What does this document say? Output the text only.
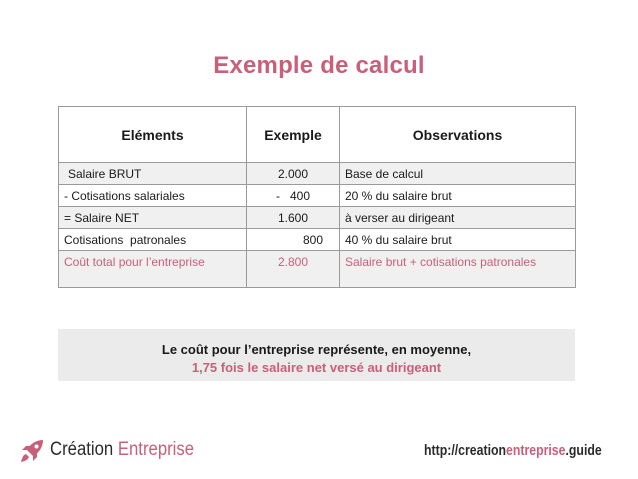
Exemple de calcul
Eléments	Exemple	Observations
Salaire BRUT	2.000	Base de calcul
- Cotisations salariales	-   400	20 % du salaire brut
= Salaire NET	1.600	à verser au dirigeant
Cotisations  patronales	800	40 % du salaire brut
Coût total pour l’entreprise	2.800	Salaire brut + cotisations patronales
Le coût pour l’entreprise représente, en moyenne,
1,75 fois le salaire net versé au dirigeant
Création Entreprise	http://creationentreprise.guide
